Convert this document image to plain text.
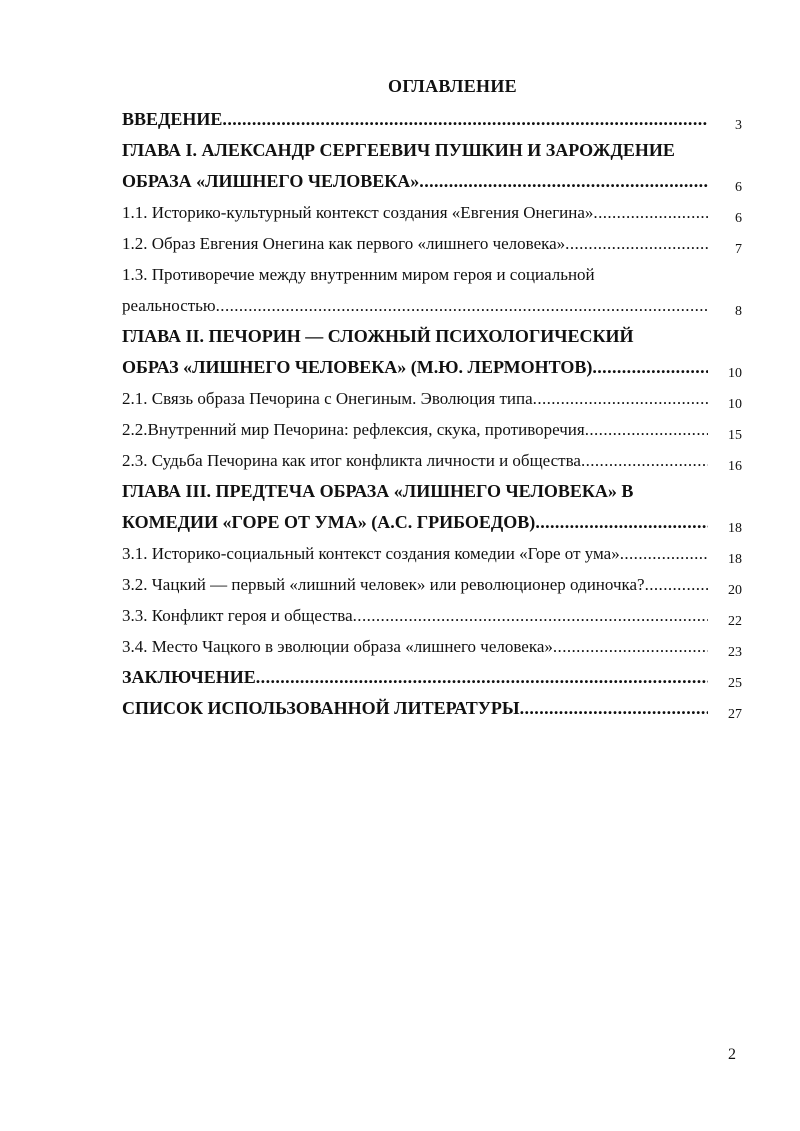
ОГЛАВЛЕНИЕ
ВВЕДЕНИЕ .....	3
ГЛАВА I. АЛЕКСАНДР СЕРГЕЕВИЧ ПУШКИН И ЗАРОЖДЕНИЕ
ОБРАЗА «ЛИШНЕГО ЧЕЛОВЕКА» .....	6
1.1. Историко-культурный контекст создания «Евгения Онегина» .....	6
1.2. Образ Евгения Онегина как первого «лишнего человека» .....	7
1.3. Противоречие между внутренним миром героя и социальной
реальностью .....	8
ГЛАВА II. ПЕЧОРИН — СЛОЖНЫЙ ПСИХОЛОГИЧЕСКИЙ
ОБРАЗ «ЛИШНЕГО ЧЕЛОВЕКА» (М.Ю. ЛЕРМОНТОВ) .....	10
2.1. Связь образа Печорина с Онегиным. Эволюция типа .....	10
2.2.Внутренний мир Печорина: рефлексия, скука, противоречия .....	15
2.3. Судьба Печорина как итог конфликта личности и общества .....	16
ГЛАВА III. ПРЕДТЕЧА ОБРАЗА «ЛИШНЕГО ЧЕЛОВЕКА» В
КОМЕДИИ «ГОРЕ ОТ УМА» (А.С. ГРИБОЕДОВ) .....	18
3.1. Историко-социальный контекст создания комедии «Горе от ума» .....	18
3.2. Чацкий — первый «лишний человек» или революционер одиночка? .....	20
3.3. Конфликт героя и общества .....	22
3.4. Место Чацкого в эволюции образа «лишнего человека» .....	23
ЗАКЛЮЧЕНИЕ .....	25
СПИСОК ИСПОЛЬЗОВАННОЙ ЛИТЕРАТУРЫ .....	27
2
